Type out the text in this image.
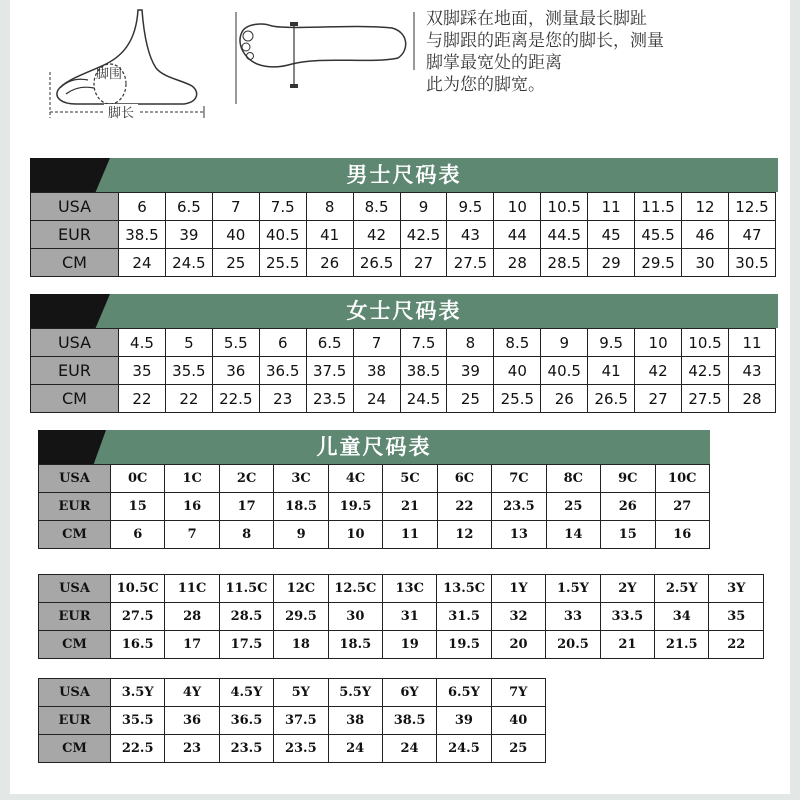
脚围
脚长
双脚踩在地面，测量最长脚趾
与脚跟的距离是您的脚长，测量
脚掌最宽处的距离
此为您的脚宽。
男士尺码表
USA	6	6.5	7	7.5	8	8.5	9	9.5	10	10.5	11	11.5	12	12.5
EUR	38.5	39	40	40.5	41	42	42.5	43	44	44.5	45	45.5	46	47
CM	24	24.5	25	25.5	26	26.5	27	27.5	28	28.5	29	29.5	30	30.5
女士尺码表
USA	4.5	5	5.5	6	6.5	7	7.5	8	8.5	9	9.5	10	10.5	11
EUR	35	35.5	36	36.5	37.5	38	38.5	39	40	40.5	41	42	42.5	43
CM	22	22	22.5	23	23.5	24	24.5	25	25.5	26	26.5	27	27.5	28
儿童尺码表
USA	0C	1C	2C	3C	4C	5C	6C	7C	8C	9C	10C
EUR	15	16	17	18.5	19.5	21	22	23.5	25	26	27
CM	6	7	8	9	10	11	12	13	14	15	16
USA	10.5C	11C	11.5C	12C	12.5C	13C	13.5C	1Y	1.5Y	2Y	2.5Y	3Y
EUR	27.5	28	28.5	29.5	30	31	31.5	32	33	33.5	34	35
CM	16.5	17	17.5	18	18.5	19	19.5	20	20.5	21	21.5	22
USA	3.5Y	4Y	4.5Y	5Y	5.5Y	6Y	6.5Y	7Y
EUR	35.5	36	36.5	37.5	38	38.5	39	40
CM	22.5	23	23.5	23.5	24	24	24.5	25
